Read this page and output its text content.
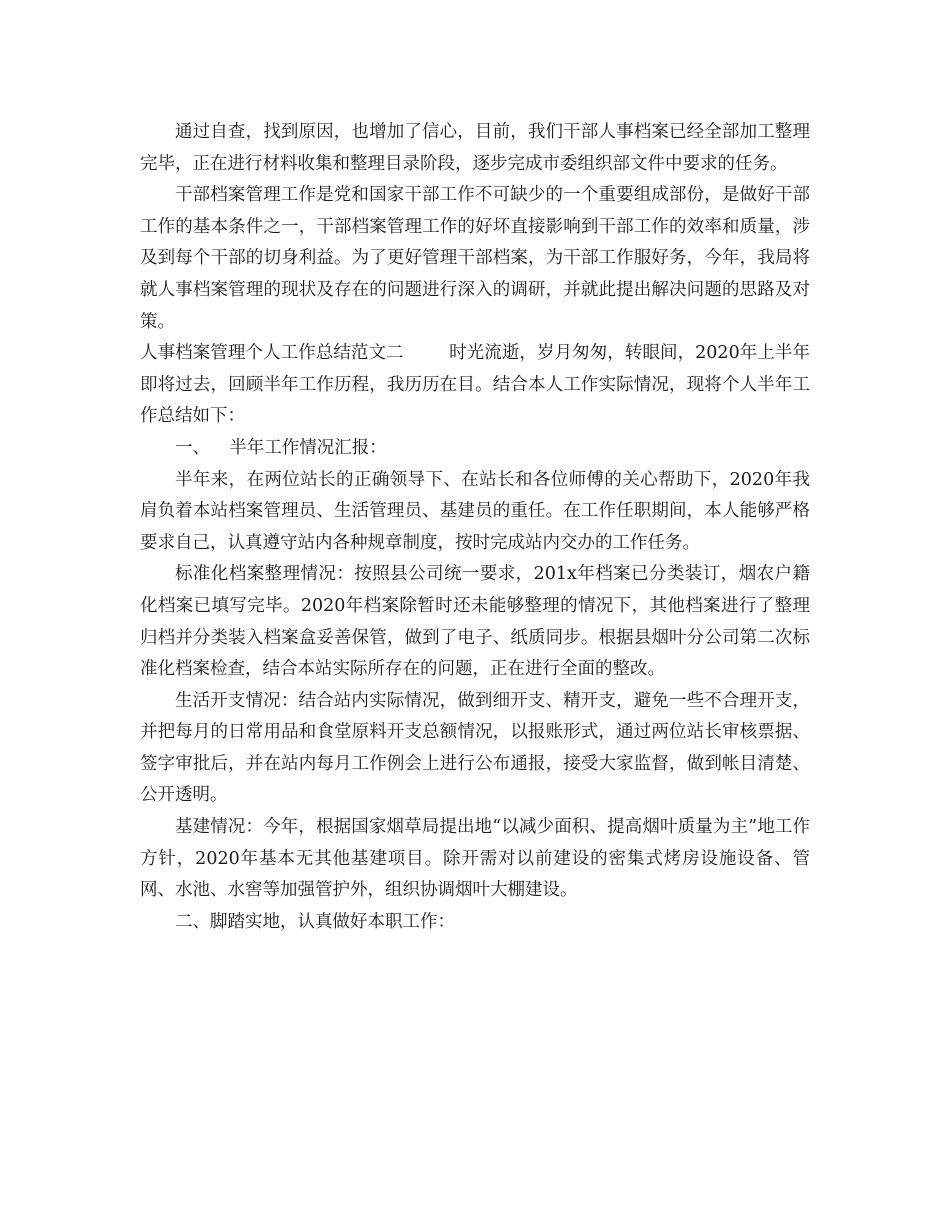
通过自查，找到原因，也增加了信心，目前，我们干部人事档案已经全部加工整理完毕，正在进行材料收集和整理目录阶段，逐步完成市委组织部文件中要求的任务。

干部档案管理工作是党和国家干部工作不可缺少的一个重要组成部份，是做好干部工作的基本条件之一，干部档案管理工作的好坏直接影响到干部工作的效率和质量，涉及到每个干部的切身利益。为了更好管理干部档案，为干部工作服好务，今年，我局将就人事档案管理的现状及存在的问题进行深入的调研，并就此提出解决问题的思路及对策。

人事档案管理个人工作总结范文二	时光流逝，岁月匆匆，转眼间，2020年上半年即将过去，回顾半年工作历程，我历历在目。结合本人工作实际情况，现将个人半年工作总结如下：

一、 半年工作情况汇报：

半年来，在两位站长的正确领导下、在站长和各位师傅的关心帮助下，2020年我肩负着本站档案管理员、生活管理员、基建员的重任。在工作任职期间，本人能够严格要求自己，认真遵守站内各种规章制度，按时完成站内交办的工作任务。

标准化档案整理情况：按照县公司统一要求，201x年档案已分类装订，烟农户籍化档案已填写完毕。2020年档案除暂时还未能够整理的情况下，其他档案进行了整理归档并分类装入档案盒妥善保管，做到了电子、纸质同步。根据县烟叶分公司第二次标准化档案检查，结合本站实际所存在的问题，正在进行全面的整改。

生活开支情况：结合站内实际情况，做到细开支、精开支，避免一些不合理开支，并把每月的日常用品和食堂原料开支总额情况，以报账形式，通过两位站长审核票据、签字审批后，并在站内每月工作例会上进行公布通报，接受大家监督，做到帐目清楚、公开透明。

基建情况：今年，根据国家烟草局提出地“以减少面积、提高烟叶质量为主”地工作方针，2020年基本无其他基建项目。除开需对以前建设的密集式烤房设施设备、管网、水池、水窖等加强管护外，组织协调烟叶大棚建设。

二、脚踏实地，认真做好本职工作：
